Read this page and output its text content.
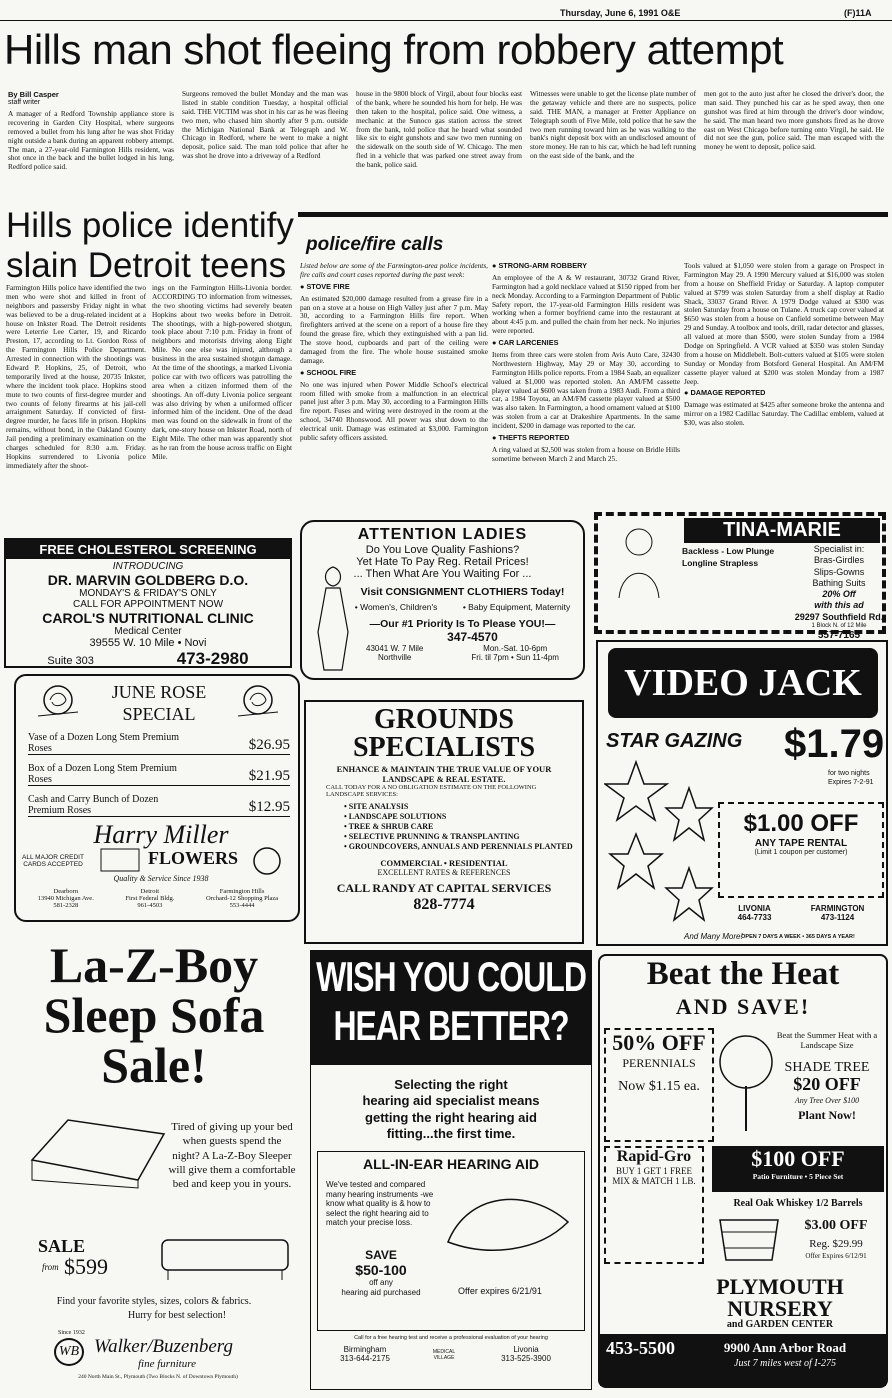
Thursday, June 6, 1991 O&E	(F)11A
Hills man shot fleeing from robbery attempt
By Bill Casper
staff writer
A manager of a Redford Township appliance store is recovering in Garden City Hospital, where surgeons removed a bullet from his lung after he was shot Friday night outside a bank during an apparent robbery attempt. The man, a 27-year-old Farmington Hills resident, was shot once in the back and the bullet lodged in his lung, Redford police said.
Surgeons removed the bullet Monday and the man was listed in stable condition Tuesday, a hospital official said. THE VICTIM was shot in his car as he was fleeing two men, who chased him shortly after 9 p.m. outside the Michigan National Bank at Telegraph and W. Chicago in Redford, where he went to make a night deposit, police said. The man told police that after he was shot he drove into a driveway of a Redford
house in the 9800 block of Virgil, about four blocks east of the bank, where he sounded his horn for help. He was then taken to the hospital, police said. One witness, a mechanic at the Sunoco gas station across the street from the bank, told police that he heard what sounded like six to eight gunshots and saw two men running on the sidewalk on the south side of W. Chicago. The men fled in a vehicle that was parked one street away from the bank, police said.
Witnesses were unable to get the license plate number of the getaway vehicle and there are no suspects, police said. THE MAN, a manager at Fretter Appliance on Telegraph south of Five Mile, told police that he saw the two men running toward him as he was walking to the bank's night deposit box with an undisclosed amount of store money. He ran to his car, which he had left running on the east side of the bank, and the
men got to the auto just after he closed the driver's door, the man said. They punched his car as he sped away, then one gunshot was fired at him through the driver's door window, he said. The man heard two more gunshots fired as he drove east on West Chicago before turning onto Virgil, he said. He did not see the gun, police said. The man escaped with the money he went to deposit, police said.
Hills police identify slain Detroit teens
Farmington Hills police have identified the two men who were shot and killed in front of neighbors and passersby Friday night in what was believed to be a drug-related incident at a house on Inkster Road. The Detroit residents were Leterrie Lee Carter, 19, and Ricardo Preston, 17, according to Lt. Gordon Ross of the Farmington Hills Police Department. Arrested in connection with the shootings was Edward P. Hopkins, 25, of Detroit, who temporarily lived at the house, 20735 Inkster, where the incident took place. Hopkins stood mute to two counts of first-degree murder and two counts of felony firearms at his jail-cell arraignment Saturday. If convicted of first-degree murder, he faces life in prison. Hopkins remains, without bond, in the Oakland County Jail pending a preliminary examination on the charges scheduled for 8:30 a.m. Friday. Hopkins surrendered to Livonia police immediately after the shoot-
ings on the Farmington Hills-Livonia border. ACCORDING TO information from witnesses, the two shooting victims had severely beaten Hopkins about two weeks before in Detroit. The shootings, with a high-powered shotgun, took place about 7:10 p.m. Friday in front of neighbors and motorists driving along Eight Mile. No one else was injured, although a business in the area sustained shotgun damage. At the time of the shootings, a marked Livonia police car with two officers was patrolling the area when a citizen informed them of the shootings. An off-duty Livonia police sergeant was also driving by when a uniformed officer informed him of the incident. One of the dead men was found on the sidewalk in front of the dark, one-story house on Inkster Road, north of Eight Mile. The other man was apparently shot as he ran from the house across traffic on Eight Mile.
police/fire calls

Listed below are some of the Farmington-area police incidents, fire calls and court cases reported during the past week:

● STOVE FIRE

An estimated $20,000 damage resulted from a grease fire in a pan on a stove at a house on High Valley just after 7 p.m. May 30, according to a Farmington Hills fire report. When firefighters arrived at the scene on a report of a house fire they found the grease fire, which they extinguished with a pan lid. The stove hood, cupboards and part of the ceiling were damaged from the fire. The whole house sustained smoke damage.

● SCHOOL FIRE

No one was injured when Power Middle School's electrical room filled with smoke from a malfunction in an electrical panel just after 3 p.m. May 30, according to a Farmington Hills fire report. Fuses and wiring were destroyed in the room at the school, 34740 Rhonswood. All power was shut down to the electrical unit. Damage was estimated at $3,000. Farmington public safety officers assisted.

● STRONG-ARM ROBBERY

An employee of the A & W restaurant, 30732 Grand River, Farmington had a gold necklace valued at $150 ripped from her neck Monday. According to a Farmington Department of Public Safety report, the 17-year-old Farmington Hills resident was working when a former boyfriend came into the restaurant at about 4:45 p.m. and pulled the chain from her neck. No injuries were reported.

● CAR LARCENIES

Items from three cars were stolen from Avis Auto Care, 32430 Northwestern Highway, May 29 or May 30, according to Farmington Hills police reports. From a 1984 Saab, an equalizer valued at $1,000 was reported stolen. An AM/FM cassette player valued at $600 was taken from a 1983 Audi. From a third car, a 1984 Toyota, an AM/FM cassette player valued at $500 was also taken. In Farmington, a hood ornament valued at $100 was stolen from a car at Drakeshire Apartments. In the same incident, $200 in damage was reported to the car.

● THEFTS REPORTED

A ring valued at $2,500 was stolen from a house on Bridle Hills sometime between March 2 and March 25.

Tools valued at $1,050 were stolen from a garage on Prospect in Farmington May 29. A 1990 Mercury valued at $16,000 was stolen from a house on Sheffield Friday or Saturday. A laptop computer valued at $799 was stolen Saturday from a shelf display at Radio Shack, 33037 Grand River. A 1979 Dodge valued at $300 was stolen Saturday from a house on Tulane. A truck cap cover valued at $650 was stolen from a house on Canfield sometime between May 29 and Sunday. A toolbox and tools, drill, radar detector and glasses, all valued at more than $500, were stolen Sunday from a 1984 Dodge on Springfield. A VCR valued at $350 was stolen Sunday from a house on Middlebelt. Bolt-cutters valued at $105 were stolen Sunday or Monday from Botsford General Hospital. An AM/FM cassette player valued at $200 was stolen Monday from a 1987 Jeep.

● DAMAGE REPORTED

Damage was estimated at $425 after someone broke the antenna and mirror on a 1982 Cadillac Saturday. The Cadillac emblem, valued at $30, was also stolen.

FREE CHOLESTEROL SCREENING
INTRODUCING
DR. MARVIN GOLDBERG D.O.
MONDAY'S & FRIDAY'S ONLY
CALL FOR APPOINTMENT NOW
CAROL'S NUTRITIONAL CLINIC
Medical Center
39555 W. 10 Mile • Novi
Suite 303	473-2980
ATTENTION LADIES
Do You Love Quality Fashions?
Yet Hate To Pay Reg. Retail Prices!
... Then What Are You Waiting For ...
Visit CONSIGNMENT CLOTHIERS Today!
• Women's, Children's	• Baby Equipment, Maternity
—Our #1 Priority Is To Please YOU!—
347-4570
43041 W. 7 Mile
Northville
Mon.-Sat. 10-6pm
Fri. til 7pm • Sun 11-4pm
TINA-MARIE
Backless - Low Plunge
Longline Strapless
Specialist in:
Bras-Girdles
Slips-Gowns
Bathing Suits
20% Off
with this ad
29297 Southfield Rd.
1 Block N. of 12 Mile
557-7165
JUNE ROSE
SPECIAL
Vase of a Dozen Long Stem Premium Roses	$26.95
Box of a Dozen Long Stem Premium Roses	$21.95
Cash and Carry Bunch of Dozen Premium Roses	$12.95
Harry Miller
ALL MAJOR CREDIT CARDS ACCEPTED	FLOWERS
Quality & Service Since 1938
Dearborn
13940 Michigan Ave.
581-2328
Detroit
First Federal Bldg.
961-4503
Farmington Hills
Orchard-12 Shopping Plaza
553-4444
GROUNDS
SPECIALISTS
ENHANCE & MAINTAIN THE TRUE VALUE OF YOUR LANDSCAPE & REAL ESTATE.
CALL TODAY FOR A NO OBLIGATION ESTIMATE ON THE FOLLOWING LANDSCAPE SERVICES:
• SITE ANALYSIS
• LANDSCAPE SOLUTIONS
• TREE & SHRUB CARE
• SELECTIVE PRUNNING & TRANSPLANTING
• GROUNDCOVERS, ANNUALS AND PERENNIALS PLANTED
COMMERCIAL • RESIDENTIAL
EXCELLENT RATES & REFERENCES
CALL RANDY AT CAPITAL SERVICES
828-7774
VIDEO JACK
STAR GAZING $1.79
for two nights
Expires 7-2-91
And Many More!
$1.00 OFF
ANY TAPE RENTAL
(Limit 1 coupon per customer)
LIVONIA
464-7733
FARMINGTON
473-1124
OPEN 7 DAYS A WEEK • 365 DAYS A YEAR!
La-Z-Boy
Sleep Sofa
Sale!
Tired of giving up your bed when guests spend the night? A La-Z-Boy Sleeper will give them a comfortable bed and keep you in yours.
SALE
from $599
Find your favorite styles, sizes, colors & fabrics.
Hurry for best selection!
Since 1932
WB Walker/Buzenberg
fine furniture
240 North Main St., Plymouth (Two Blocks N. of Downtown Plymouth)
WISH YOU COULD
HEAR BETTER?
Selecting the right
hearing aid specialist means
getting the right hearing aid
fitting...the first time.
ALL-IN-EAR HEARING AID
We've tested and compared many hearing instruments -we know what quality is & how to select the right hearing aid to match your precise loss.
SAVE
$50-100
off any
hearing aid purchased	Offer expires 6/21/91
Call for a free hearing test and receive a professional evaluation of your hearing
Birmingham
313-644-2175
MEDICAL VILLAGE
Livonia
313-525-3900
Beat the Heat
AND SAVE!
50% OFF
PERENNIALS
Now $1.15 ea.
Beat the Summer Heat with a Landscape Size
SHADE TREE
$20 OFF
Any Tree Over $100
Plant Now!
Rapid-Gro
BUY 1 GET 1 FREE
MIX & MATCH 1 LB.
$100 OFF
Patio Furniture • 5 Piece Set
Real Oak Whiskey 1/2 Barrels
$3.00 OFF
Reg. $29.99
Offer Expires 6/12/91
PLYMOUTH
NURSERY
and GARDEN CENTER
453-5500	9900 Ann Arbor Road
Just 7 miles west of I-275
